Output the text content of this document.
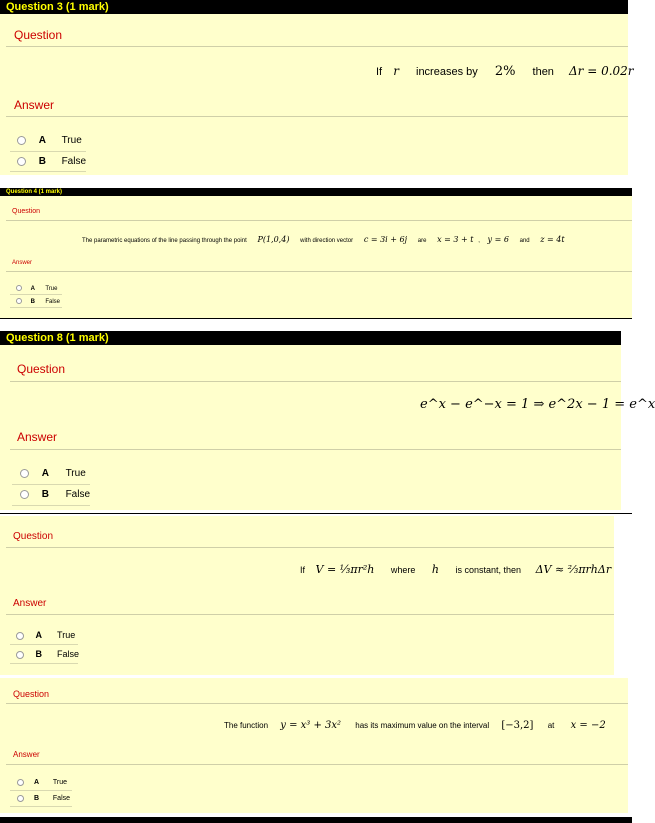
Question 3 (1 mark)
Question
If r increases by 2% then Δr = 0.02r
Answer
A True
B False
Question 4 (1 mark)
Question
The parametric equations of the line passing through the point P(1,0,4) with direction vector c = 3i + 6j are x = 3 + t , y = 6 and z = 4t
Answer
A True
B False
Question 8 (1 mark)
Question
e^x − e^−x = 1 ⇒ e^2x − 1 = e^x
Answer
A True
B False
Question
If V = ⅓πr²h where h is constant, then ΔV ≈ ⅔πrhΔr
Answer
A True
B False
Question
The function y = x³ + 3x² has its maximum value on the interval [−3,2] at x = −2
Answer
A True
B False
